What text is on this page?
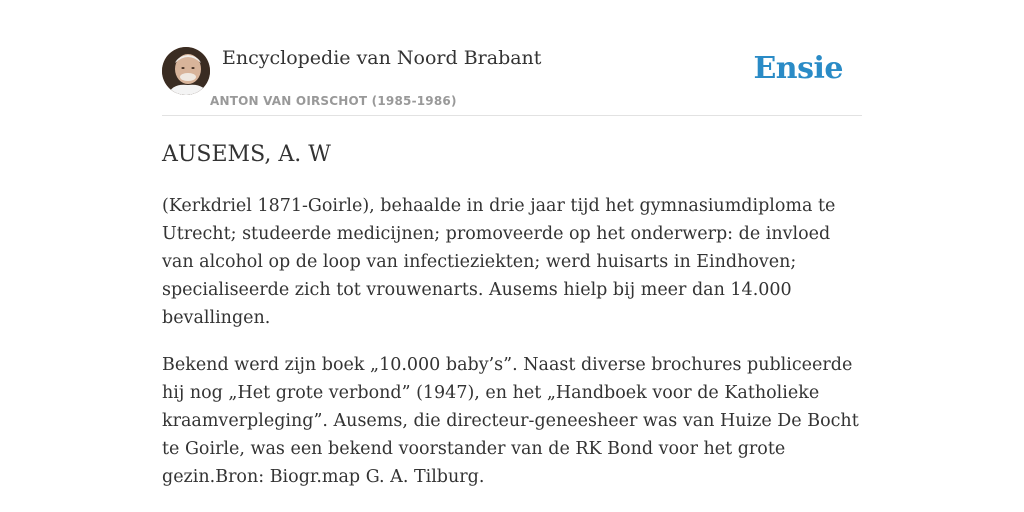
Encyclopedie van Noord Brabant
ANTON VAN OIRSCHOT (1985-1986)
Ensie
AUSEMS, A. W

(Kerkdriel 1871-Goirle), behaalde in drie jaar tijd het gymnasiumdiploma te Utrecht; studeerde medicijnen; promoveerde op het onderwerp: de invloed van alcohol op de loop van infectieziekten; werd huisarts in Eindhoven; specialiseerde zich tot vrouwenarts. Ausems hielp bij meer dan 14.000 bevallingen.

Bekend werd zijn boek „10.000 baby’s”. Naast diverse brochures publiceerde hij nog „Het grote verbond” (1947), en het „Handboek voor de Katholieke kraamverpleging”. Ausems, die directeur-geneesheer was van Huize De Bocht te Goirle, was een bekend voorstander van de RK Bond voor het grote gezin.Bron: Biogr.map G. A. Tilburg.
